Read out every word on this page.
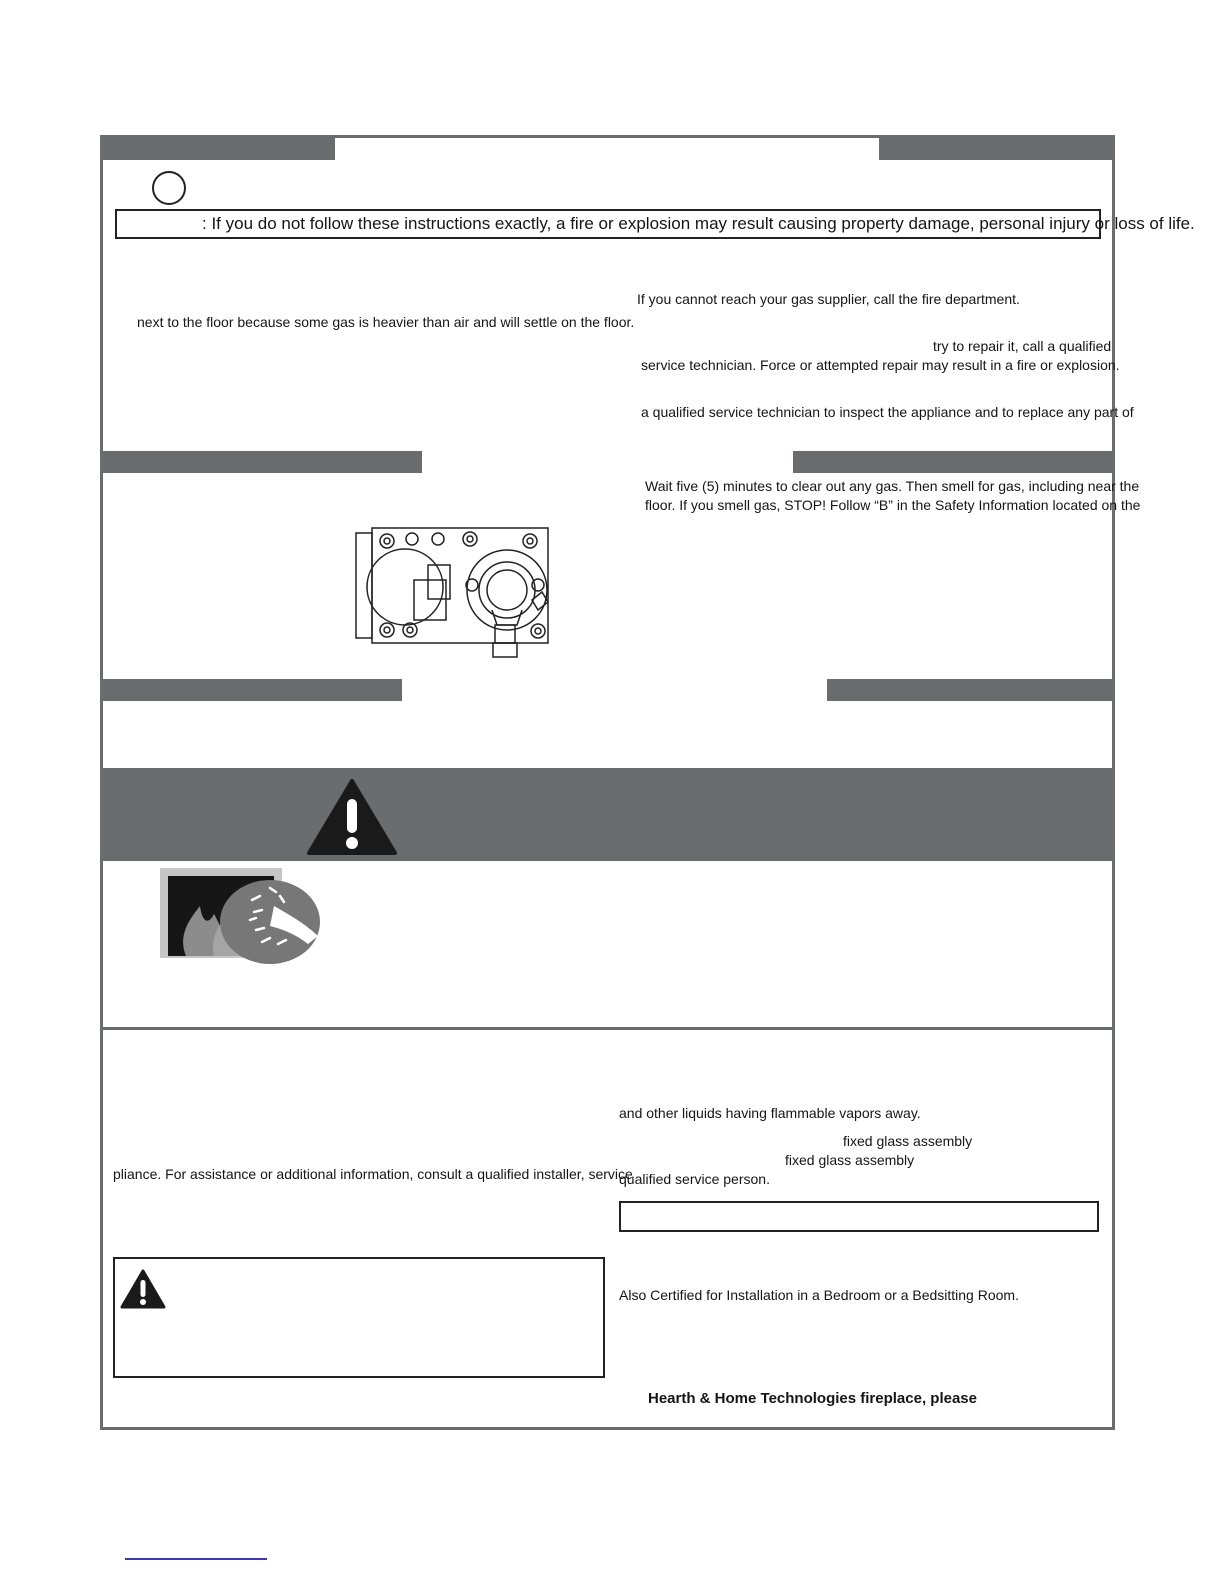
: If you do not follow these instructions exactly, a fire or explosion may result causing property damage, personal injury or loss of life.
next to the floor because some gas is heavier than air and will settle on the floor.
If you cannot reach your gas supplier, call the fire department.
try to repair it, call a qualified
service technician. Force or attempted repair may result in a fire or explosion.
a qualified service technician to inspect the appliance and to replace any part of
Wait five (5) minutes to clear out any gas. Then smell for gas, including near the
floor. If you smell gas, STOP! Follow “B” in the Safety Information located on the
pliance. For assistance or additional information, consult a qualified installer, service
and other liquids having flammable vapors away.
fixed glass assembly
fixed glass assembly
qualified service person.
Also Certified for Installation in a Bedroom or a Bedsitting Room.
Hearth & Home Technologies fireplace, please
